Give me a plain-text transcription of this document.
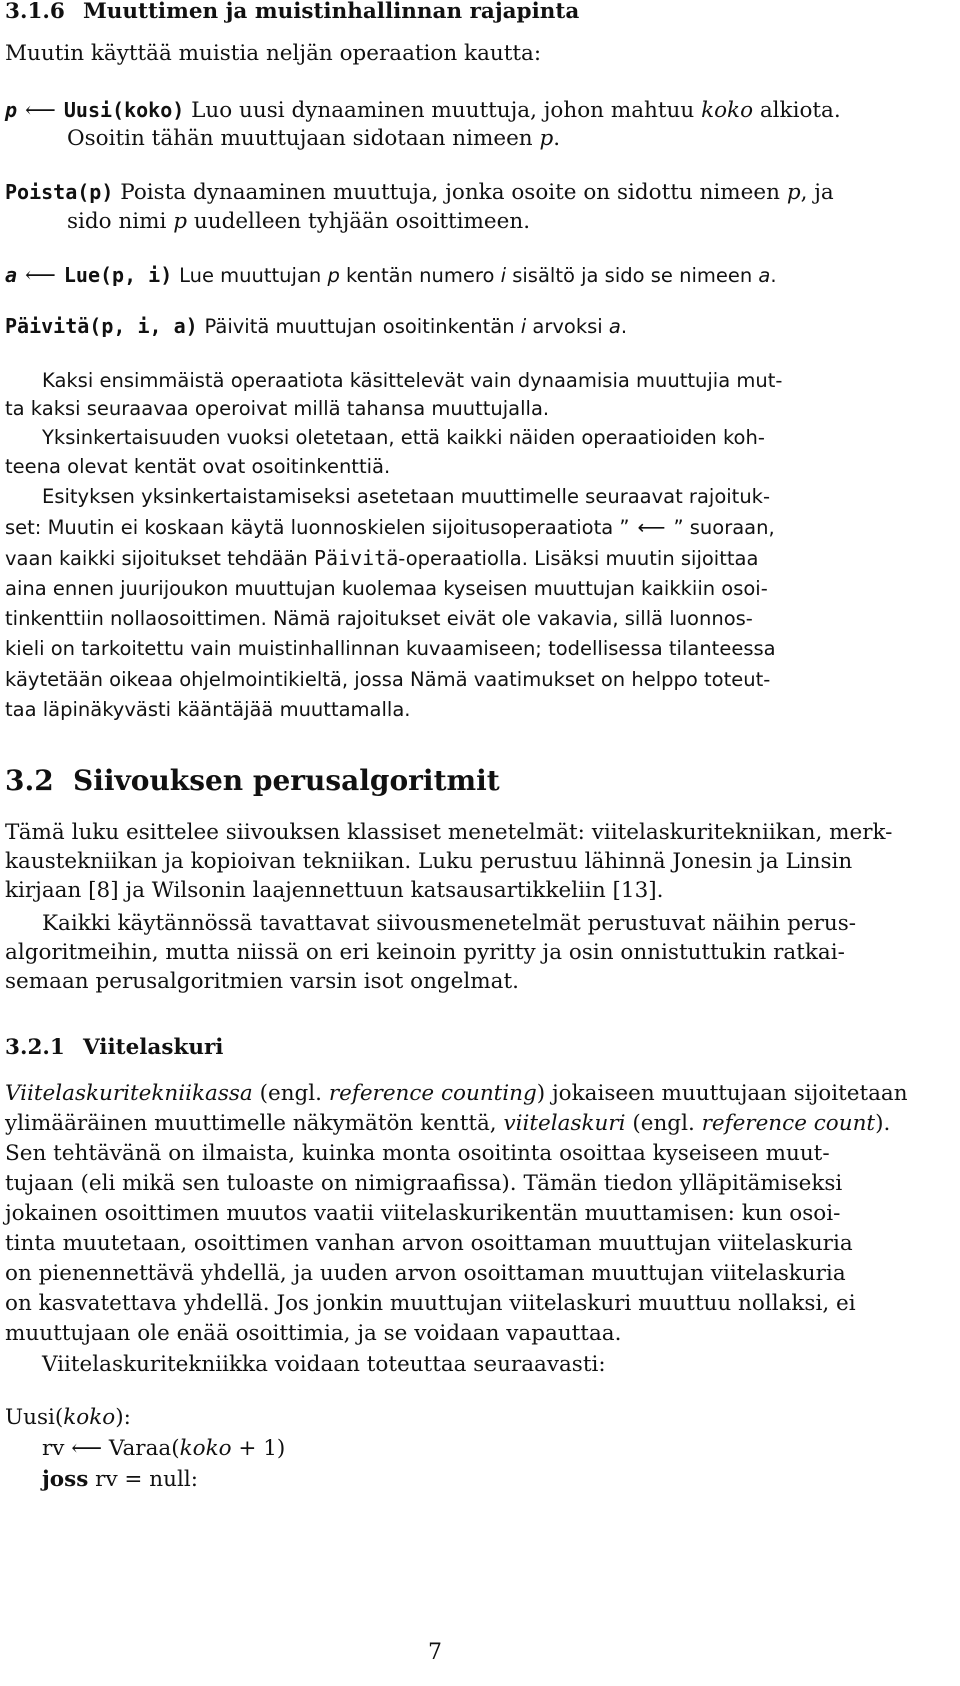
3.1.6 Muuttimen ja muistinhallinnan rajapinta
Muutin käyttää muistia neljän operaation kautta:
p ⟵ Uusi(koko) Luo uusi dynaaminen muuttuja, johon mahtuu koko alkiota.
Osoitin tähän muuttujaan sidotaan nimeen p.
Poista(p) Poista dynaaminen muuttuja, jonka osoite on sidottu nimeen p, ja
sido nimi p uudelleen tyhjään osoittimeen.
a ⟵ Lue(p, i) Lue muuttujan p kentän numero i sisältö ja sido se nimeen a.
Päivitä(p, i, a) Päivitä muuttujan osoitinkentän i arvoksi a.
Kaksi ensimmäistä operaatiota käsittelevät vain dynaamisia muuttujia mut-
ta kaksi seuraavaa operoivat millä tahansa muuttujalla.
Yksinkertaisuuden vuoksi oletetaan, että kaikki näiden operaatioiden koh-
teena olevat kentät ovat osoitinkenttiä.
Esityksen yksinkertaistamiseksi asetetaan muuttimelle seuraavat rajoituk-
set: Muutin ei koskaan käytä luonnoskielen sijoitusoperaatiota ” ⟵ ” suoraan,
vaan kaikki sijoitukset tehdään Päivitä-operaatiolla. Lisäksi muutin sijoittaa
aina ennen juurijoukon muuttujan kuolemaa kyseisen muuttujan kaikkiin osoi-
tinkenttiin nollaosoittimen. Nämä rajoitukset eivät ole vakavia, sillä luonnos-
kieli on tarkoitettu vain muistinhallinnan kuvaamiseen; todellisessa tilanteessa
käytetään oikeaa ohjelmointikieltä, jossa Nämä vaatimukset on helppo toteut-
taa läpinäkyvästi kääntäjää muuttamalla.
3.2 Siivouksen perusalgoritmit
Tämä luku esittelee siivouksen klassiset menetelmät: viitelaskuritekniikan, merk-
kaustekniikan ja kopioivan tekniikan. Luku perustuu lähinnä Jonesin ja Linsin
kirjaan [8] ja Wilsonin laajennettuun katsausartikkeliin [13].
Kaikki käytännössä tavattavat siivousmenetelmät perustuvat näihin perus-
algoritmeihin, mutta niissä on eri keinoin pyritty ja osin onnistuttukin ratkai-
semaan perusalgoritmien varsin isot ongelmat.
3.2.1 Viitelaskuri
Viitelaskuritekniikassa (engl. reference counting) jokaiseen muuttujaan sijoitetaan
ylimääräinen muuttimelle näkymätön kenttä, viitelaskuri (engl. reference count).
Sen tehtävänä on ilmaista, kuinka monta osoitinta osoittaa kyseiseen muut-
tujaan (eli mikä sen tuloaste on nimigraafissa). Tämän tiedon ylläpitämiseksi
jokainen osoittimen muutos vaatii viitelaskurikentän muuttamisen: kun osoi-
tinta muutetaan, osoittimen vanhan arvon osoittaman muuttujan viitelaskuria
on pienennettävä yhdellä, ja uuden arvon osoittaman muuttujan viitelaskuria
on kasvatettava yhdellä. Jos jonkin muuttujan viitelaskuri muuttuu nollaksi, ei
muuttujaan ole enää osoittimia, ja se voidaan vapauttaa.
Viitelaskuritekniikka voidaan toteuttaa seuraavasti:
Uusi(koko):
rv ⟵ Varaa(koko + 1)
joss rv = null:
7
